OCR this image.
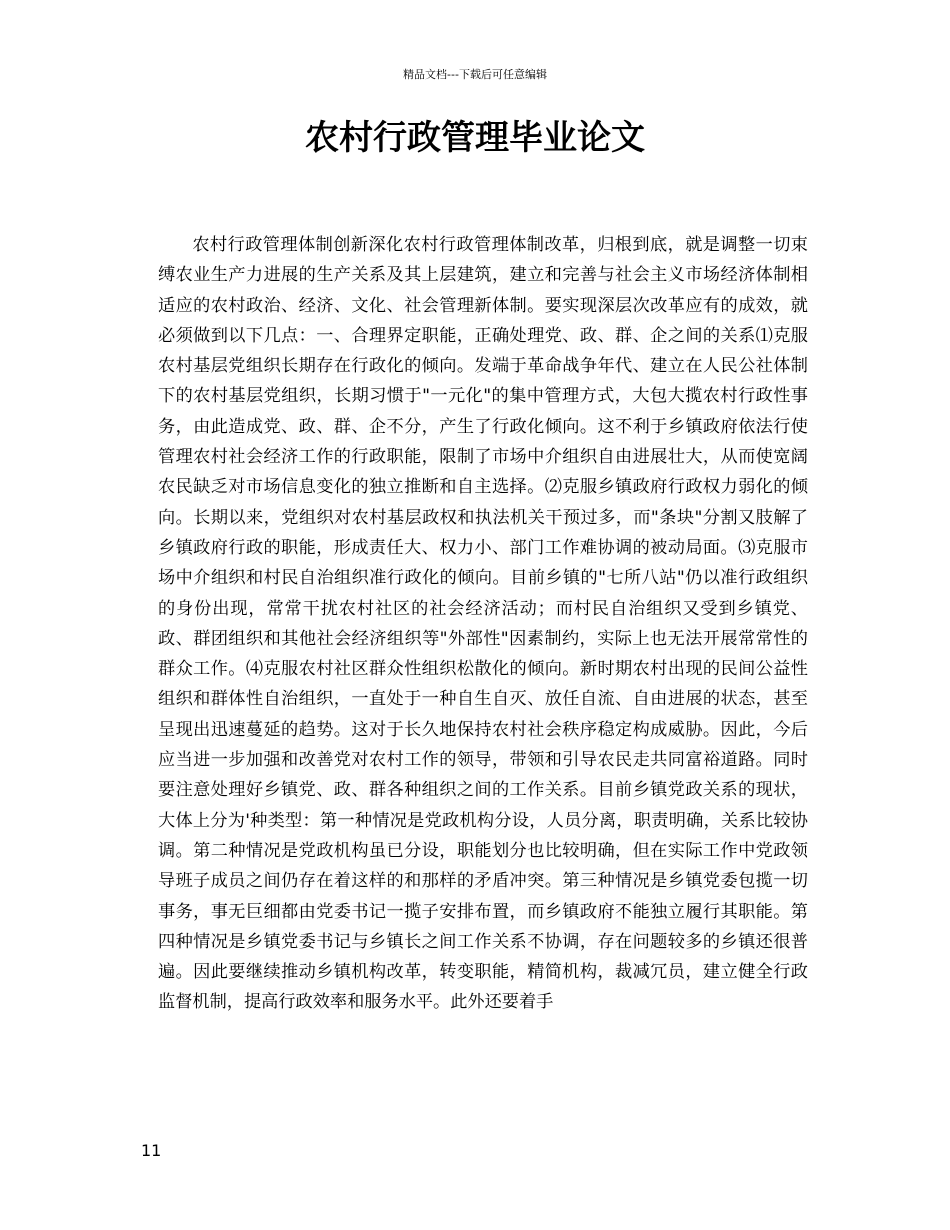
精品文档---下载后可任意编辑
农村行政管理毕业论文

农村行政管理体制创新深化农村行政管理体制改革，归根到底，就是调整一切束缚农业生产力进展的生产关系及其上层建筑，建立和完善与社会主义市场经济体制相适应的农村政治、经济、文化、社会管理新体制。要实现深层次改革应有的成效，就必须做到以下几点：一、合理界定职能，正确处理党、政、群、企之间的关系⑴克服农村基层党组织长期存在行政化的倾向。发端于革命战争年代、建立在人民公社体制下的农村基层党组织，长期习惯于"一元化"的集中管理方式，大包大揽农村行政性事务，由此造成党、政、群、企不分，产生了行政化倾向。这不利于乡镇政府依法行使管理农村社会经济工作的行政职能，限制了市场中介组织自由进展壮大，从而使宽阔农民缺乏对市场信息变化的独立推断和自主选择。⑵克服乡镇政府行政权力弱化的倾向。长期以来，党组织对农村基层政权和执法机关干预过多，而"条块"分割又肢解了乡镇政府行政的职能，形成责任大、权力小、部门工作难协调的被动局面。⑶克服市场中介组织和村民自治组织准行政化的倾向。目前乡镇的"七所八站"仍以准行政组织的身份出现，常常干扰农村社区的社会经济活动；而村民自治组织又受到乡镇党、政、群团组织和其他社会经济组织等"外部性"因素制约，实际上也无法开展常常性的群众工作。⑷克服农村社区群众性组织松散化的倾向。新时期农村出现的民间公益性组织和群体性自治组织，一直处于一种自生自灭、放任自流、自由进展的状态，甚至呈现出迅速蔓延的趋势。这对于长久地保持农村社会秩序稳定构成威胁。因此，今后应当进一步加强和改善党对农村工作的领导，带领和引导农民走共同富裕道路。同时要注意处理好乡镇党、政、群各种组织之间的工作关系。目前乡镇党政关系的现状，大体上分为'种类型：第一种情况是党政机构分设，人员分离，职责明确，关系比较协调。第二种情况是党政机构虽已分设，职能划分也比较明确，但在实际工作中党政领导班子成员之间仍存在着这样的和那样的矛盾冲突。第三种情况是乡镇党委包揽一切事务，事无巨细都由党委书记一揽子安排布置，而乡镇政府不能独立履行其职能。第四种情况是乡镇党委书记与乡镇长之间工作关系不协调，存在问题较多的乡镇还很普遍。因此要继续推动乡镇机构改革，转变职能，精简机构，裁减冗员，建立健全行政监督机制，提高行政效率和服务水平。此外还要着手

11
